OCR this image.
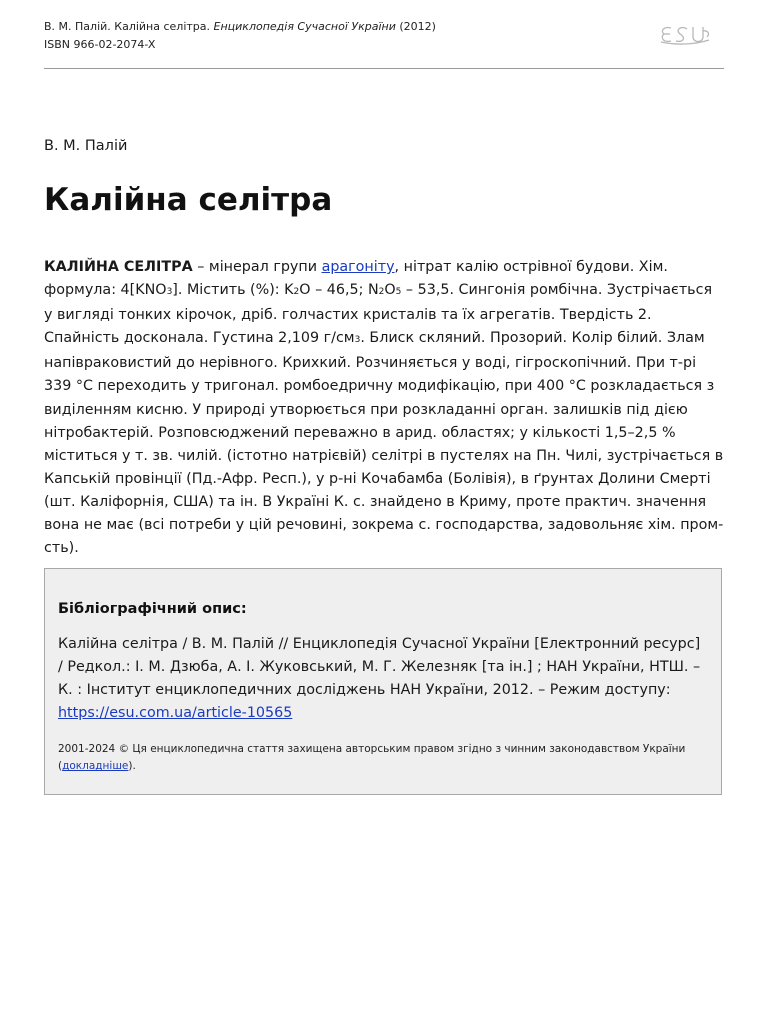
В. М. Палій. Калійна селітра. Енциклопедія Сучасної України (2012)
ISBN 966-02-2074-X
В. М. Палій
Калійна селітра

КАЛІЙНА СЕЛІТРА – мінерал групи арагоніту, нітрат калію острівної будови. Хім. формула: 4[KNO3]. Містить (%): K2O – 46,5; N2O5 – 53,5. Сингонія ромбічна. Зустрічається у вигляді тонких кірочок, дріб. голчастих кристалів та їх агрегатів. Твердість 2. Спайність досконала. Густина 2,109 г/см3. Блиск скляний. Прозорий. Колір білий. Злам напівраковистий до нерівного. Крихкий. Розчиняється у воді, гігроскопічний. При т-рі 339 °С переходить у тригонал. ромбоедричну модифікацію, при 400 °С розкладається з виділенням кисню. У природі утворюється при розкладанні орган. залишків під дією нітробактерій. Розповсюджений переважно в арид. областях; у кількості 1,5–2,5 % міститься у т. зв. чилій. (істотно натрієвій) селітрі в пустелях на Пн. Чилі, зустрічається в Капській провінції (Пд.-Афр. Респ.), у р-ні Кочабамба (Болівія), в ґрунтах Долини Смерті (шт. Каліфорнія, США) та ін. В Україні К. с. знайдено в Криму, проте практич. значення вона не має (всі потреби у цій речовині, зокрема с. господарства, задовольняє хім. пром-сть).

Бібліографічний опис:

Калійна селітра / В. М. Палій // Енциклопедія Сучасної України [Електронний ресурс] / Редкол.: І. М. Дзюба, А. І. Жуковський, М. Г. Железняк [та ін.] ; НАН України, НТШ. – К. : Інститут енциклопедичних досліджень НАН України, 2012. – Режим доступу: https://esu.com.ua/article-10565

2001-2024 © Ця енциклопедична стаття захищена авторським правом згідно з чинним законодавством України (докладніше).
